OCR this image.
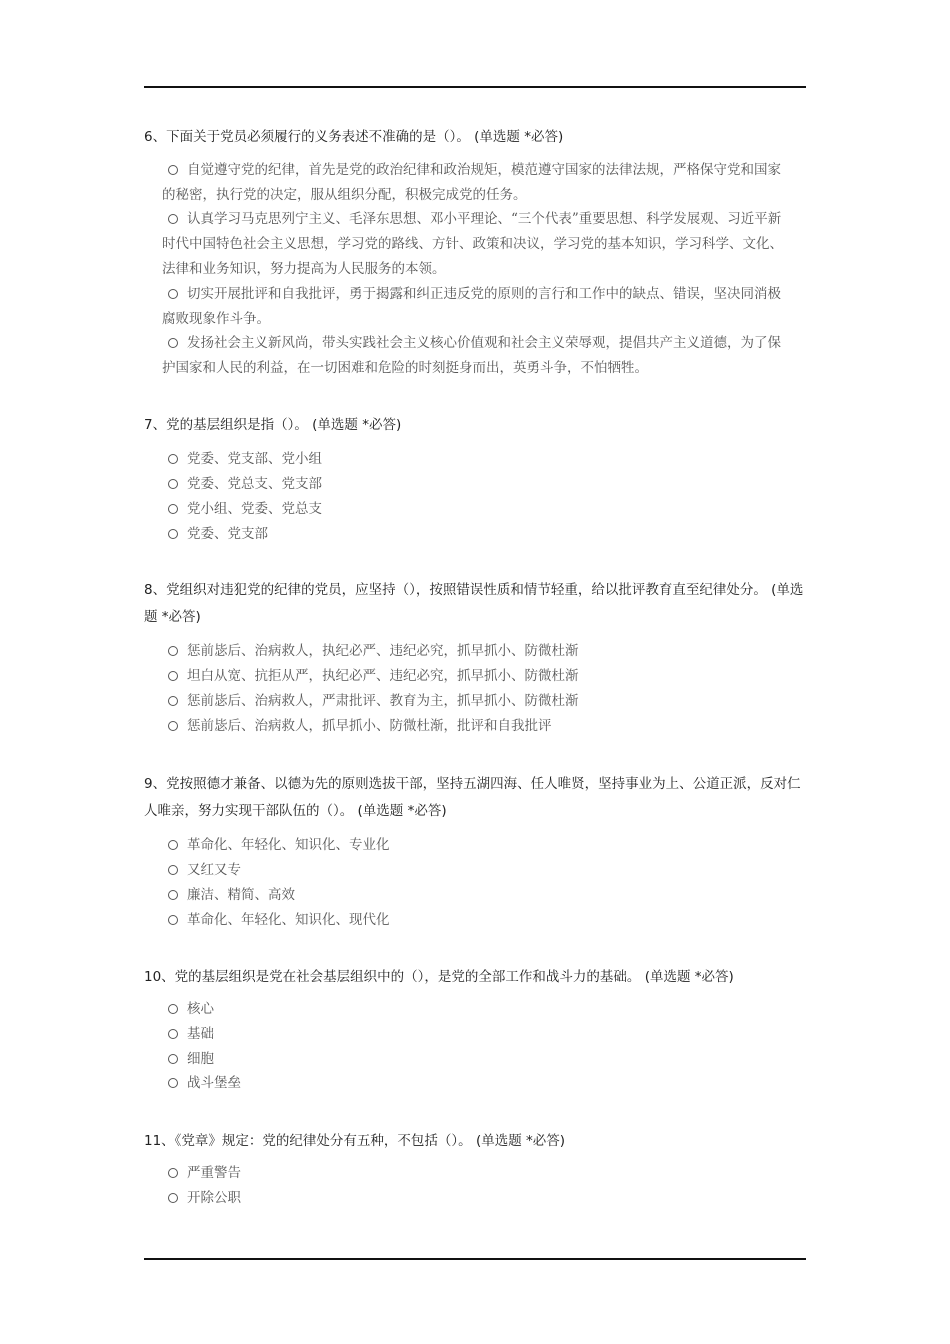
6、下面关于党员必须履行的义务表述不准确的是（）。 (单选题 *必答)
自觉遵守党的纪律，首先是党的政治纪律和政治规矩，模范遵守国家的法律法规，严格保守党和国家的秘密，执行党的决定，服从组织分配，积极完成党的任务。
认真学习马克思列宁主义、毛泽东思想、邓小平理论、“三个代表”重要思想、科学发展观、习近平新时代中国特色社会主义思想，学习党的路线、方针、政策和决议，学习党的基本知识，学习科学、文化、法律和业务知识，努力提高为人民服务的本领。
切实开展批评和自我批评，勇于揭露和纠正违反党的原则的言行和工作中的缺点、错误，坚决同消极腐败现象作斗争。
发扬社会主义新风尚，带头实践社会主义核心价值观和社会主义荣辱观，提倡共产主义道德，为了保护国家和人民的利益，在一切困难和危险的时刻挺身而出，英勇斗争，不怕牺牲。
7、党的基层组织是指（）。 (单选题 *必答)
党委、党支部、党小组
党委、党总支、党支部
党小组、党委、党总支
党委、党支部
8、党组织对违犯党的纪律的党员，应坚持（），按照错误性质和情节轻重，给以批评教育直至纪律处分。 (单选题 *必答)
惩前毖后、治病救人，执纪必严、违纪必究，抓早抓小、防微杜渐
坦白从宽、抗拒从严，执纪必严、违纪必究，抓早抓小、防微杜渐
惩前毖后、治病救人，严肃批评、教育为主，抓早抓小、防微杜渐
惩前毖后、治病救人，抓早抓小、防微杜渐，批评和自我批评
9、党按照德才兼备、以德为先的原则选拔干部，坚持五湖四海、任人唯贤，坚持事业为上、公道正派，反对仁人唯亲，努力实现干部队伍的（）。 (单选题 *必答)
革命化、年轻化、知识化、专业化
又红又专
廉洁、精简、高效
革命化、年轻化、知识化、现代化
10、党的基层组织是党在社会基层组织中的（），是党的全部工作和战斗力的基础。 (单选题 *必答)
核心
基础
细胞
战斗堡垒
11、《党章》规定：党的纪律处分有五种，不包括（）。 (单选题 *必答)
严重警告
开除公职
